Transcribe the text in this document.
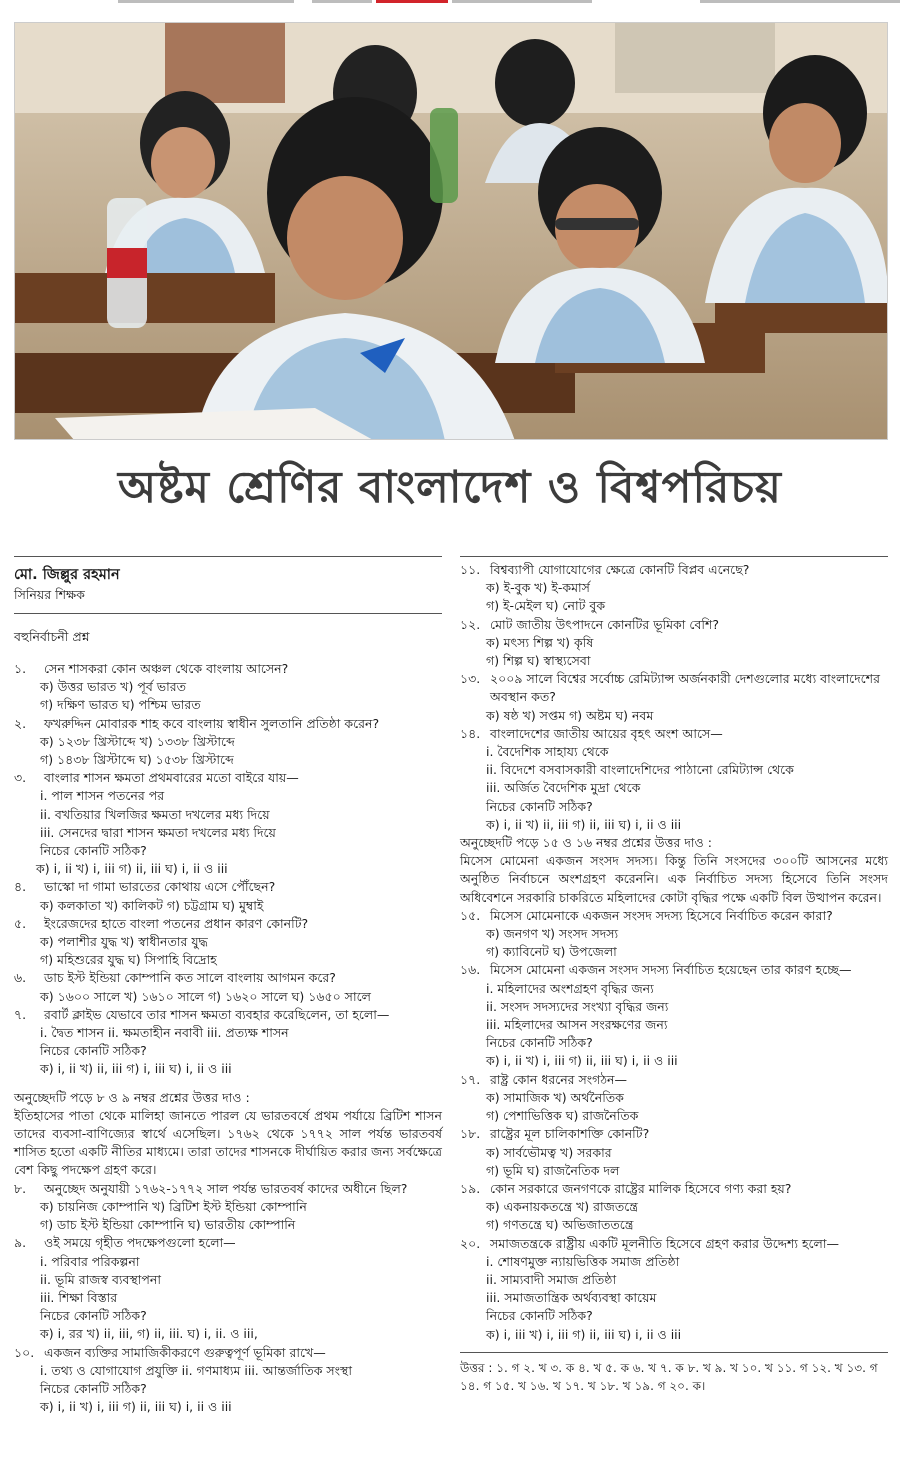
অষ্টম শ্রেণির বাংলাদেশ ও বিশ্বপরিচয়
মো. জিল্লুর রহমান
সিনিয়র শিক্ষক
বহুনির্বাচনী প্রশ্ন
১.	সেন শাসকরা কোন অঞ্চল থেকে বাংলায় আসেন?
ক) উত্তর ভারত খ) পূর্ব ভারত
গ) দক্ষিণ ভারত ঘ) পশ্চিম ভারত
২.	ফখরুদ্দিন মোবারক শাহ কবে বাংলায় স্বাধীন সুলতানি প্রতিষ্ঠা করেন?
ক) ১২৩৮ খ্রিস্টাব্দে খ) ১৩৩৮ খ্রিস্টাব্দে
গ) ১৪৩৮ খ্রিস্টাব্দে ঘ) ১৫৩৮ খ্রিস্টাব্দে
৩.	বাংলার শাসন ক্ষমতা প্রথমবারের মতো বাইরে যায়—
i. পাল শাসন পতনের পর
ii. বখতিয়ার খিলজির ক্ষমতা দখলের মধ্য দিয়ে
iii. সেনদের দ্বারা শাসন ক্ষমতা দখলের মধ্য দিয়ে
নিচের কোনটি সঠিক?
ক) i, ii খ) i, iii গ) ii, iii ঘ) i, ii ও iii
৪.	ভাস্কো দা গামা ভারতের কোথায় এসে পৌঁছেন?
ক) কলকাতা খ) কালিকট গ) চট্টগ্রাম ঘ) মুম্বাই
৫.	ইংরেজদের হাতে বাংলা পতনের প্রধান কারণ কোনটি?
ক) পলাশীর যুদ্ধ খ) স্বাধীনতার যুদ্ধ
গ) মহিশুরের যুদ্ধ ঘ) সিপাহি বিদ্রোহ
৬.	ডাচ ইস্ট ইন্ডিয়া কোম্পানি কত সালে বাংলায় আগমন করে?
ক) ১৬০০ সালে খ) ১৬১০ সালে গ) ১৬২০ সালে ঘ) ১৬৫০ সালে
৭.	রবার্ট ক্লাইভ যেভাবে তার শাসন ক্ষমতা ব্যবহার করেছিলেন, তা হলো—
i. দ্বৈত শাসন ii. ক্ষমতাহীন নবাবী iii. প্রত্যক্ষ শাসন
নিচের কোনটি সঠিক?
ক) i, ii খ) ii, iii গ) i, iii ঘ) i, ii ও iii
অনুচ্ছেদটি পড়ে ৮ ও ৯ নম্বর প্রশ্নের উত্তর দাও :
ইতিহাসের পাতা থেকে মালিহা জানতে পারল যে ভারতবর্ষে প্রথম পর্যায়ে ব্রিটিশ শাসন তাদের ব্যবসা-বাণিজ্যের স্বার্থে এসেছিল। ১৭৬২ থেকে ১৭৭২ সাল পর্যন্ত ভারতবর্ষ শাসিত হতো একটি নীতির মাধ্যমে। তারা তাদের শাসনকে দীর্ঘায়িত করার জন্য সর্বক্ষেত্রে বেশ কিছু পদক্ষেপ গ্রহণ করে।
৮.	অনুচ্ছেদ অনুযায়ী ১৭৬২-১৭৭২ সাল পর্যন্ত ভারতবর্ষ কাদের অধীনে ছিল?
ক) চায়নিজ কোম্পানি খ) ব্রিটিশ ইস্ট ইন্ডিয়া কোম্পানি
গ) ডাচ ইস্ট ইন্ডিয়া কোম্পানি ঘ) ভারতীয় কোম্পানি
৯.	ওই সময়ে গৃহীত পদক্ষেপগুলো হলো—
i. পরিবার পরিকল্পনা
ii. ভূমি রাজস্ব ব্যবস্থাপনা
iii. শিক্ষা বিস্তার
নিচের কোনটি সঠিক?
ক) i, রর খ) ii, iii, গ) ii, iii. ঘ) i, ii. ও iii,
১০. একজন ব্যক্তির সামাজিকীকরণে গুরুত্বপূর্ণ ভূমিকা রাখে—
i. তথ্য ও যোগাযোগ প্রযুক্তি ii. গণমাধ্যম iii. আন্তর্জাতিক সংস্থা
নিচের কোনটি সঠিক?
ক) i, ii খ) i, iii গ) ii, iii ঘ) i, ii ও iii
১১. বিশ্বব্যাপী যোগাযোগের ক্ষেত্রে কোনটি বিপ্লব এনেছে?
ক) ই-বুক খ) ই-কমার্স
গ) ই-মেইল ঘ) নোট বুক
১২. মোট জাতীয় উৎপাদনে কোনটির ভূমিকা বেশি?
ক) মৎস্য শিল্প খ) কৃষি
গ) শিল্প ঘ) স্বাস্থ্যসেবা
১৩. ২০০৯ সালে বিশ্বের সর্বোচ্চ রেমিট্যান্স অর্জনকারী দেশগুলোর মধ্যে বাংলাদেশের অবস্থান কত?
ক) ষষ্ঠ খ) সপ্তম গ) অষ্টম ঘ) নবম
১৪. বাংলাদেশের জাতীয় আয়ের বৃহৎ অংশ আসে—
i. বৈদেশিক সাহায্য থেকে
ii. বিদেশে বসবাসকারী বাংলাদেশিদের পাঠানো রেমিট্যান্স থেকে
iii. অর্জিত বৈদেশিক মুদ্রা থেকে
নিচের কোনটি সঠিক?
ক) i, ii খ) ii, iii গ) ii, iii ঘ) i, ii ও iii
অনুচ্ছেদটি পড়ে ১৫ ও ১৬ নম্বর প্রশ্নের উত্তর দাও :
মিসেস মোমেনা একজন সংসদ সদস্য। কিন্তু তিনি সংসদের ৩০০টি আসনের মধ্যে অনুষ্ঠিত নির্বাচনে অংশগ্রহণ করেননি। এক নির্বাচিত সদস্য হিসেবে তিনি সংসদ অধিবেশনে সরকারি চাকরিতে মহিলাদের কোটা বৃদ্ধির পক্ষে একটি বিল উত্থাপন করেন।
১৫. মিসেস মোমেনাকে একজন সংসদ সদস্য হিসেবে নির্বাচিত করেন কারা?
ক) জনগণ খ) সংসদ সদস্য
গ) ক্যাবিনেট ঘ) উপজেলা
১৬. মিসেস মোমেনা একজন সংসদ সদস্য নির্বাচিত হয়েছেন তার কারণ হচ্ছে—
i. মহিলাদের অংশগ্রহণ বৃদ্ধির জন্য
ii. সংসদ সদস্যদের সংখ্যা বৃদ্ধির জন্য
iii. মহিলাদের আসন সংরক্ষণের জন্য
নিচের কোনটি সঠিক?
ক) i, ii খ) i, iii গ) ii, iii ঘ) i, ii ও iii
১৭. রাষ্ট্র কোন ধরনের সংগঠন—
ক) সামাজিক খ) অর্থনৈতিক
গ) পেশাভিত্তিক ঘ) রাজনৈতিক
১৮. রাষ্ট্রের মূল চালিকাশক্তি কোনটি?
ক) সার্বভৌমত্ব খ) সরকার
গ) ভূমি ঘ) রাজনৈতিক দল
১৯. কোন সরকারে জনগণকে রাষ্ট্রের মালিক হিসেবে গণ্য করা হয়?
ক) একনায়কতন্ত্রে খ) রাজতন্ত্রে
গ) গণতন্ত্রে ঘ) অভিজাততন্ত্রে
২০. সমাজতন্ত্রকে রাষ্ট্রীয় একটি মূলনীতি হিসেবে গ্রহণ করার উদ্দেশ্য হলো—
i. শোষণমুক্ত ন্যায়ভিত্তিক সমাজ প্রতিষ্ঠা
ii. সাম্যবাদী সমাজ প্রতিষ্ঠা
iii. সমাজতান্ত্রিক অর্থব্যবস্থা কায়েম
নিচের কোনটি সঠিক?
ক) i, iii খ) i, iii গ) ii, iii ঘ) i, ii ও iii
উত্তর : ১. গ ২. খ ৩. ক ৪. খ ৫. ক ৬. খ ৭. ক ৮. খ ৯. খ ১০. খ ১১. গ ১২. খ ১৩. গ ১৪. গ ১৫. খ ১৬. খ ১৭. খ ১৮. খ ১৯. গ ২০. ক।
